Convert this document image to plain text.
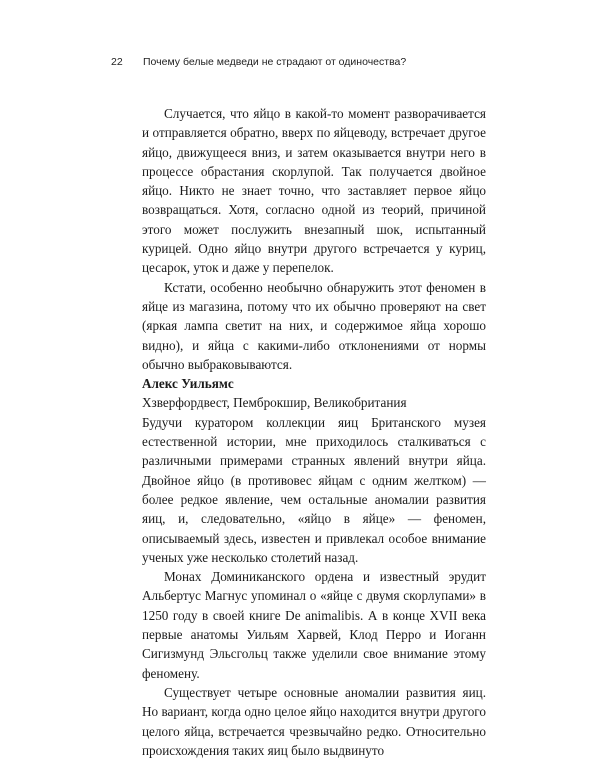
22 Почему белые медведи не страдают от одиночества?

Случается, что яйцо в какой-то момент разворачивается и отправляется обратно, вверх по яйцеводу, встречает другое яйцо, движущееся вниз, и затем оказывается внутри него в процессе обрастания скорлупой. Так получается двойное яйцо. Никто не знает точно, что заставляет первое яйцо возвращаться. Хотя, согласно одной из теорий, причиной этого может послужить внезапный шок, испытанный курицей. Одно яйцо внутри другого встречается у куриц, цесарок, уток и даже у перепелок.

Кстати, особенно необычно обнаружить этот феномен в яйце из магазина, потому что их обычно проверяют на свет (яркая лампа светит на них, и содержимое яйца хорошо видно), и яйца с какими-либо отклонениями от нормы обычно выбраковываются.

Алекс Уильямс

Хзверфордвест, Пемброкшир, Великобритания

Будучи куратором коллекции яиц Британского музея естественной истории, мне приходилось сталкиваться с различными примерами странных явлений внутри яйца. Двойное яйцо (в противовес яйцам с одним желтком) — более редкое явление, чем остальные аномалии развития яиц, и, следовательно, «яйцо в яйце» — феномен, описываемый здесь, известен и привлекал особое внимание ученых уже несколько столетий назад.

Монах Доминиканского ордена и известный эрудит Альбертус Магнус упоминал о «яйце с двумя скорлупами» в 1250 году в своей книге De animalibis. А в конце XVII века первые анатомы Уильям Харвей, Клод Перро и Иоганн Сигизмунд Эльсгольц также уделили свое внимание этому феномену.

Существует четыре основные аномалии развития яиц. Но вариант, когда одно целое яйцо находится внутри другого целого яйца, встречается чрезвычайно редко. Относительно происхождения таких яиц было выдвинуто
